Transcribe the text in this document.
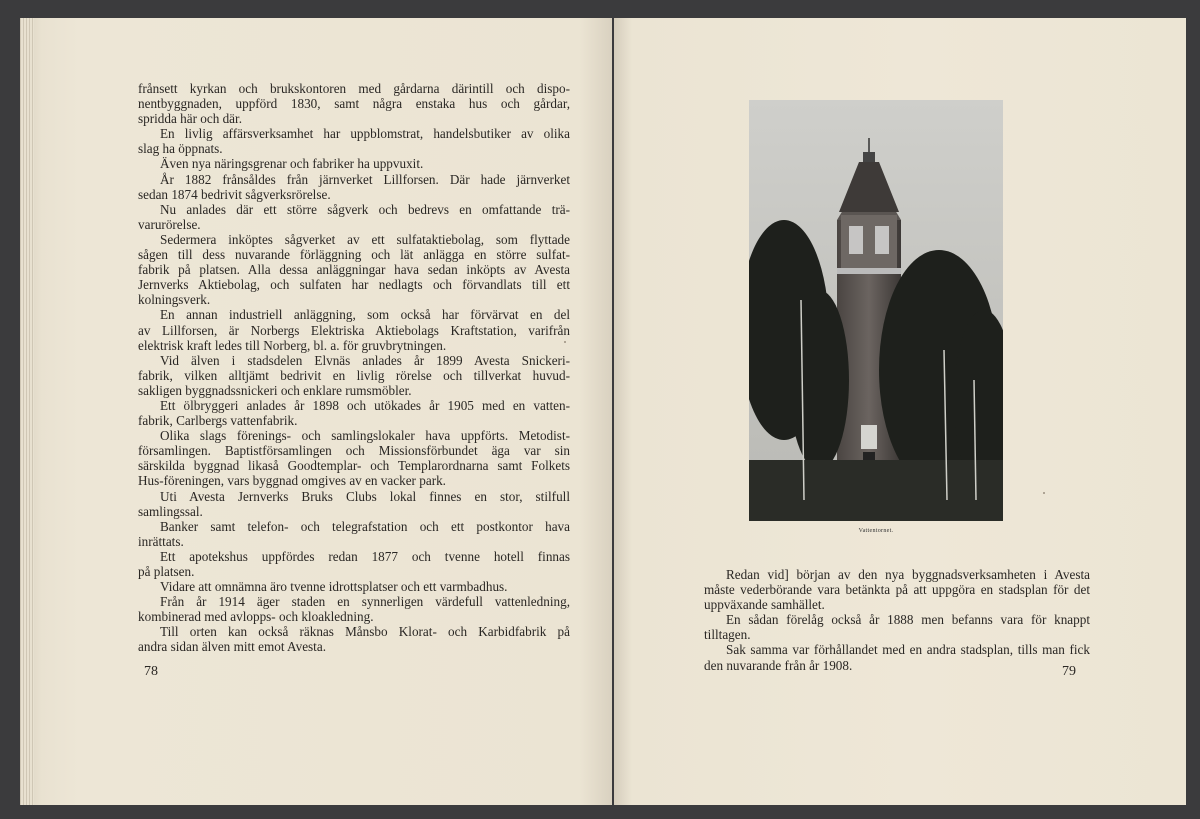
frånsett kyrkan och brukskontoren med gårdarna därintill och dispo-
nentbyggnaden, uppförd 1830, samt några enstaka hus och gårdar,
spridda här och där.
En livlig affärsverksamhet har uppblomstrat, handelsbutiker av olika
slag ha öppnats.
Även nya näringsgrenar och fabriker ha uppvuxit.
År 1882 frånsåldes från järnverket Lillforsen. Där hade järnverket
sedan 1874 bedrivit sågverksrörelse.
Nu anlades där ett större sågverk och bedrevs en omfattande trä-
varurörelse.
Sedermera inköptes sågverket av ett sulfataktiebolag, som flyttade
sågen till dess nuvarande förläggning och lät anlägga en större sulfat-
fabrik på platsen. Alla dessa anläggningar hava sedan inköpts av Avesta
Jernverks Aktiebolag, och sulfaten har nedlagts och förvandlats till ett
kolningsverk.
En annan industriell anläggning, som också har förvärvat en del
av Lillforsen, är Norbergs Elektriska Aktiebolags Kraftstation, varifrån
elektrisk kraft ledes till Norberg, bl. a. för gruvbrytningen.
Vid älven i stadsdelen Elvnäs anlades år 1899 Avesta Snickeri-
fabrik, vilken alltjämt bedrivit en livlig rörelse och tillverkat huvud-
sakligen byggnadssnickeri och enklare rumsmöbler.
Ett ölbryggeri anlades år 1898 och utökades år 1905 med en vatten-
fabrik, Carlbergs vattenfabrik.
Olika slags förenings- och samlingslokaler hava uppförts. Metodist-
församlingen. Baptistförsamlingen och Missionsförbundet äga var sin
särskilda byggnad likaså Goodtemplar- och Templarordnarna samt Folkets
Hus-föreningen, vars byggnad omgives av en vacker park.
Uti Avesta Jernverks Bruks Clubs lokal finnes en stor, stilfull
samlingssal.
Banker samt telefon- och telegrafstation och ett postkontor hava
inrättats.
Ett apotekshus uppfördes redan 1877 och tvenne hotell finnas
på platsen.
Vidare att omnämna äro tvenne idrottsplatser och ett varmbadhus.
Från år 1914 äger staden en synnerligen värdefull vattenledning,
kombinerad med avlopps- och kloakledning.
Till orten kan också räknas Månsbo Klorat- och Karbidfabrik på
andra sidan älven mitt emot Avesta.
78
Vattentornet.
Redan vid] början av den nya byggnadsverksamheten i Avesta
måste vederbörande vara betänkta på att uppgöra en stadsplan för det
uppväxande samhället.
En sådan förelåg också år 1888 men befanns vara för knappt
tilltagen.
Sak samma var förhållandet med en andra stadsplan, tills man fick
den nuvarande från år 1908.	79
